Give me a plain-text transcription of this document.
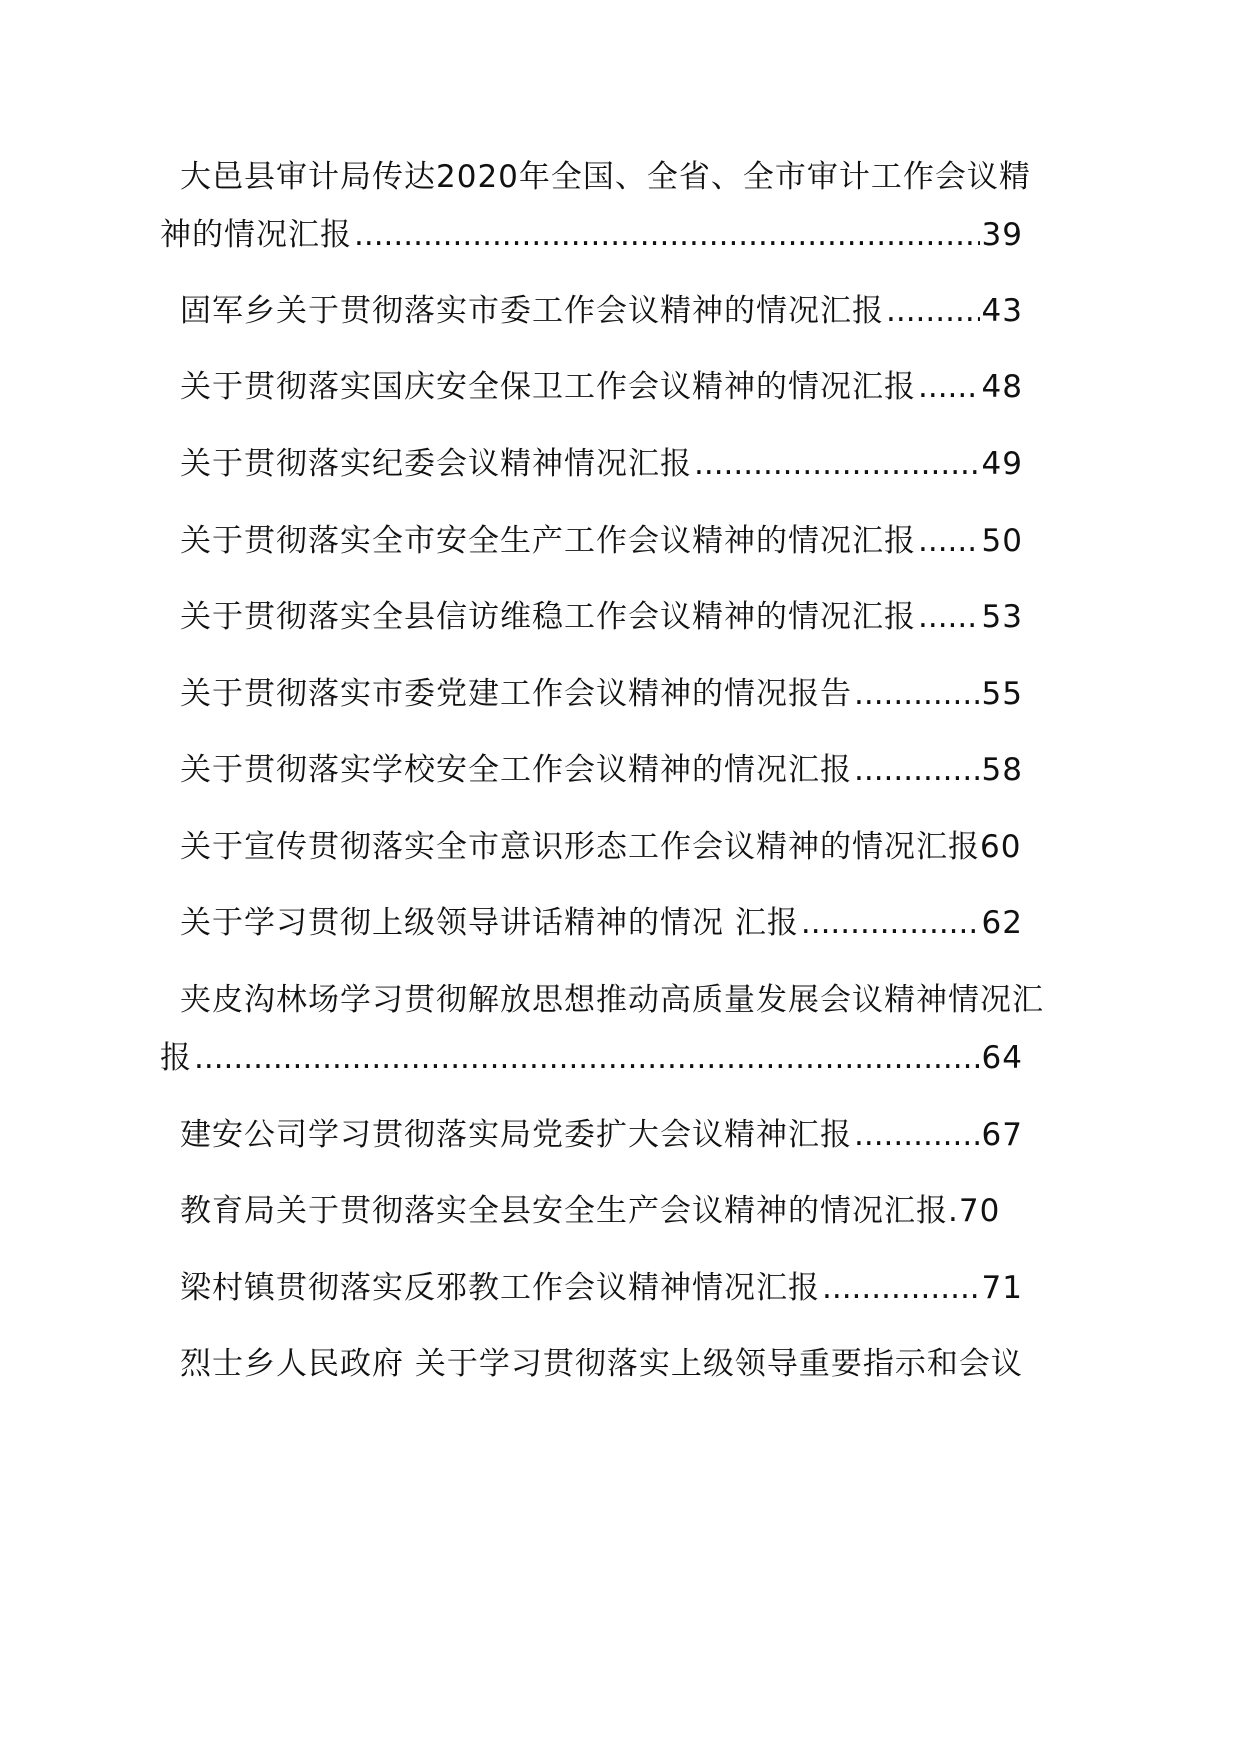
大邑县审计局传达2020年全国、全省、全市审计工作会议精
神的情况汇报 .....	39
固军乡关于贯彻落实市委工作会议精神的情况汇报 .....	43
关于贯彻落实国庆安全保卫工作会议精神的情况汇报 ..... 48
关于贯彻落实纪委会议精神情况汇报 .....	49
关于贯彻落实全市安全生产工作会议精神的情况汇报 ..... 50
关于贯彻落实全县信访维稳工作会议精神的情况汇报 ..... 53
关于贯彻落实市委党建工作会议精神的情况报告 .....	55
关于贯彻落实学校安全工作会议精神的情况汇报 .....	58
关于宣传贯彻落实全市意识形态工作会议精神的情况汇报 60
关于学习贯彻上级领导讲话精神的情况 汇报 .....	62
夹皮沟林场学习贯彻解放思想推动高质量发展会议精神情况汇
报 .....	64
建安公司学习贯彻落实局党委扩大会议精神汇报 .....	67
教育局关于贯彻落实全县安全生产会议精神的情况汇报. 70
梁村镇贯彻落实反邪教工作会议精神情况汇报 .....	71
烈士乡人民政府 关于学习贯彻落实上级领导重要指示和会议
